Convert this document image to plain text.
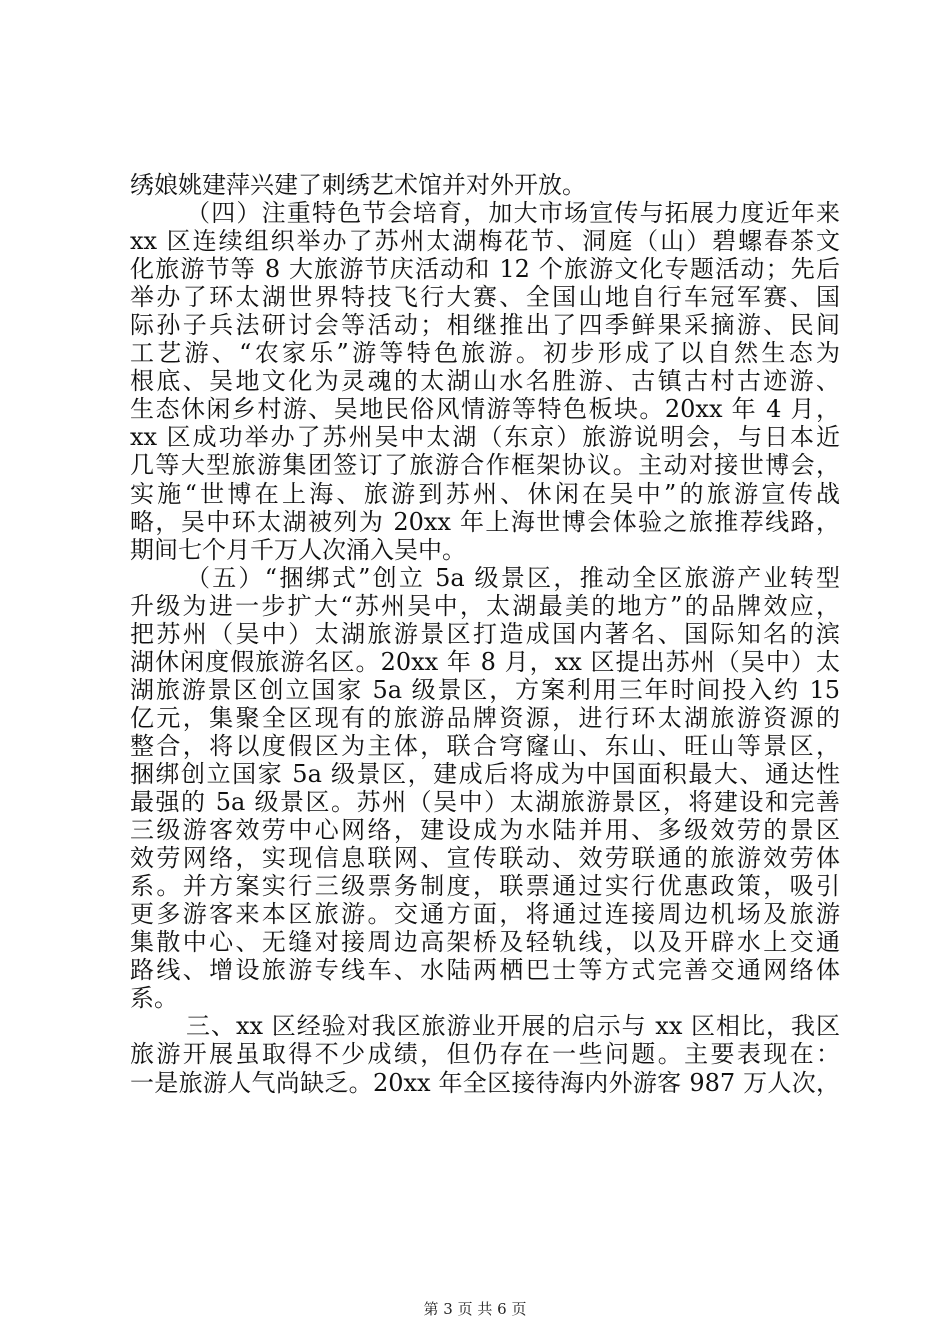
绣娘姚建萍兴建了刺绣艺术馆并对外开放。
（四）注重特色节会培育，加大市场宣传与拓展力度近年来
xx 区连续组织举办了苏州太湖梅花节、洞庭（山）碧螺春茶文
化旅游节等 8 大旅游节庆活动和 12 个旅游文化专题活动；先后
举办了环太湖世界特技飞行大赛、全国山地自行车冠军赛、国
际孙子兵法研讨会等活动；相继推出了四季鲜果采摘游、民间
工艺游、“农家乐”游等特色旅游。初步形成了以自然生态为
根底、吴地文化为灵魂的太湖山水名胜游、古镇古村古迹游、
生态休闲乡村游、吴地民俗风情游等特色板块。20xx 年 4 月，
xx 区成功举办了苏州吴中太湖（东京）旅游说明会，与日本近
几等大型旅游集团签订了旅游合作框架协议。主动对接世博会，
实施“世博在上海、旅游到苏州、休闲在吴中”的旅游宣传战
略，吴中环太湖被列为 20xx 年上海世博会体验之旅推荐线路，
期间七个月千万人次涌入吴中。
（五）“捆绑式”创立 5a 级景区，推动全区旅游产业转型
升级为进一步扩大“苏州吴中，太湖最美的地方”的品牌效应，
把苏州（吴中）太湖旅游景区打造成国内著名、国际知名的滨
湖休闲度假旅游名区。20xx 年 8 月，xx 区提出苏州（吴中）太
湖旅游景区创立国家 5a 级景区，方案利用三年时间投入约 15
亿元，集聚全区现有的旅游品牌资源，进行环太湖旅游资源的
整合，将以度假区为主体，联合穹窿山、东山、旺山等景区，
捆绑创立国家 5a 级景区，建成后将成为中国面积最大、通达性
最强的 5a 级景区。苏州（吴中）太湖旅游景区，将建设和完善
三级游客效劳中心网络，建设成为水陆并用、多级效劳的景区
效劳网络，实现信息联网、宣传联动、效劳联通的旅游效劳体
系。并方案实行三级票务制度，联票通过实行优惠政策，吸引
更多游客来本区旅游。交通方面，将通过连接周边机场及旅游
集散中心、无缝对接周边高架桥及轻轨线，以及开辟水上交通
路线、增设旅游专线车、水陆两栖巴士等方式完善交通网络体
系。
三、xx 区经验对我区旅游业开展的启示与 xx 区相比，我区
旅游开展虽取得不少成绩，但仍存在一些问题。主要表现在：
一是旅游人气尚缺乏。20xx 年全区接待海内外游客 987 万人次，
第 3 页 共 6 页
